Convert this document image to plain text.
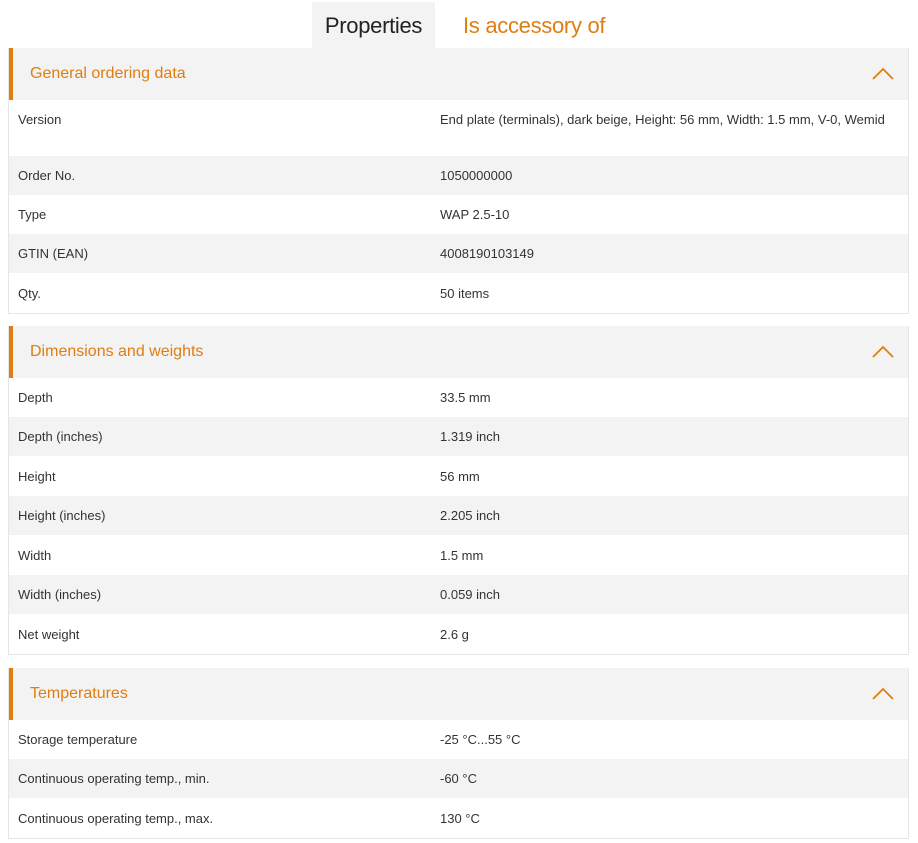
Properties	Is accessory of
General ordering data
Version	End plate (terminals), dark beige, Height: 56 mm, Width: 1.5 mm, V-0, Wemid
Order No.	1050000000
Type	WAP 2.5-10
GTIN (EAN)	4008190103149
Qty.	50 items
Dimensions and weights
Depth	33.5 mm
Depth (inches)	1.319 inch
Height	56 mm
Height (inches)	2.205 inch
Width	1.5 mm
Width (inches)	0.059 inch
Net weight	2.6 g
Temperatures
Storage temperature	-25 °C...55 °C
Continuous operating temp., min.	-60 °C
Continuous operating temp., max.	130 °C
